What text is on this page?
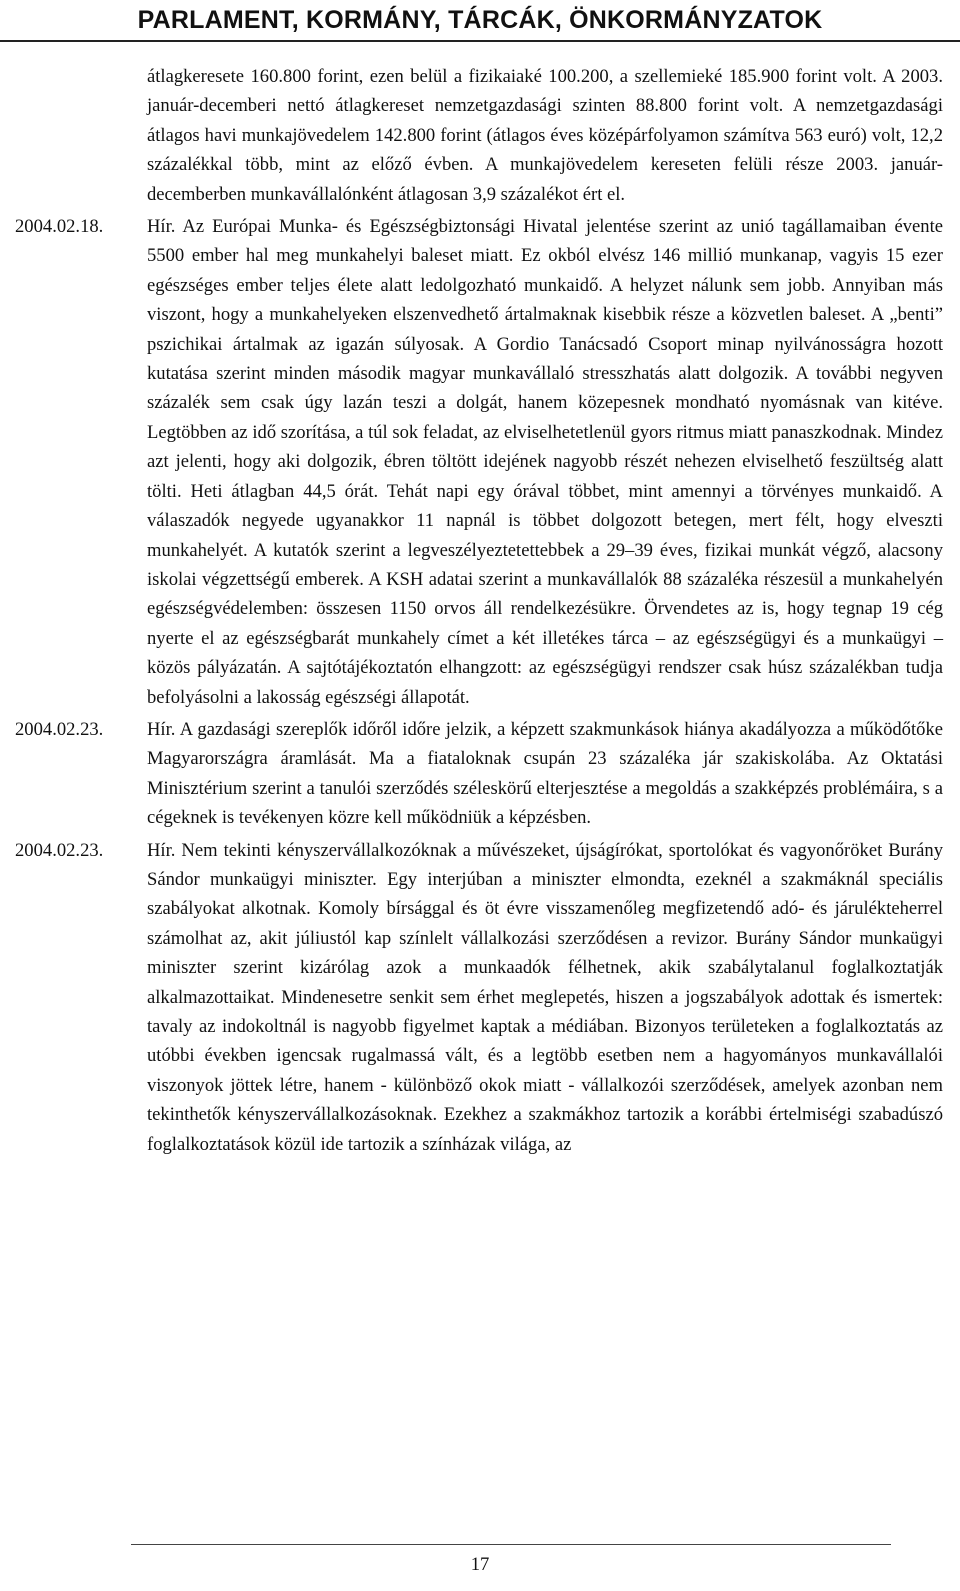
PARLAMENT, KORMÁNY, TÁRCÁK, ÖNKORMÁNYZATOK
átlagkeresete 160.800 forint, ezen belül a fizikaiaké 100.200, a szellemieké 185.900 forint volt. A 2003. január-decemberi nettó átlagkereset nemzetgazdasági szinten 88.800 forint volt. A nemzetgazdasági átlagos havi munkajövedelem 142.800 forint (átlagos éves középárfolyamon számítva 563 euró) volt, 12,2 százalékkal több, mint az előző évben. A munkajövedelem kereseten felüli része 2003. január-decemberben munkavállalónként átlagosan 3,9 százalékot ért el.
2004.02.18.	Hír. Az Európai Munka- és Egészségbiztonsági Hivatal jelentése szerint az unió tagállamaiban évente 5500 ember hal meg munkahelyi baleset miatt. Ez okból elvész 146 millió munkanap, vagyis 15 ezer egészséges ember teljes élete alatt ledolgozható munkaidő. A helyzet nálunk sem jobb. Annyiban más viszont, hogy a munkahelyeken elszenvedhető ártalmaknak kisebbik része a közvetlen baleset. A „benti” pszichikai ártalmak az igazán súlyosak. A Gordio Tanácsadó Csoport minap nyilvánosságra hozott kutatása szerint minden második magyar munkavállaló stresszhatás alatt dolgozik. A további negyven százalék sem csak úgy lazán teszi a dolgát, hanem közepesnek mondható nyomásnak van kitéve. Legtöbben az idő szorítása, a túl sok feladat, az elviselhetetlenül gyors ritmus miatt panaszkodnak. Mindez azt jelenti, hogy aki dolgozik, ébren töltött idejének nagyobb részét nehezen elviselhető feszültség alatt tölti. Heti átlagban 44,5 órát. Tehát napi egy órával többet, mint amennyi a törvényes munkaidő. A válaszadók negyede ugyanakkor 11 napnál is többet dolgozott betegen, mert félt, hogy elveszti munkahelyét. A kutatók szerint a legveszélyeztetettebbek a 29–39 éves, fizikai munkát végző, alacsony iskolai végzettségű emberek. A KSH adatai szerint a munkavállalók 88 százaléka részesül a munkahelyén egészségvédelemben: összesen 1150 orvos áll rendelkezésükre. Örvendetes az is, hogy tegnap 19 cég nyerte el az egészségbarát munkahely címet a két illetékes tárca – az egészségügyi és a munkaügyi – közös pályázatán. A sajtótájékoztatón elhangzott: az egészségügyi rendszer csak húsz százalékban tudja befolyásolni a lakosság egészségi állapotát.
2004.02.23.	Hír. A gazdasági szereplők időről időre jelzik, a képzett szakmunkások hiánya akadályozza a működőtőke Magyarországra áramlását. Ma a fiataloknak csupán 23 százaléka jár szakiskolába. Az Oktatási Minisztérium szerint a tanulói szerződés széleskörű elterjesztése a megoldás a szakképzés problémáira, s a cégeknek is tevékenyen közre kell működniük a képzésben.
2004.02.23.	Hír. Nem tekinti kényszervállalkozóknak a művészeket, újságírókat, sportolókat és vagyonőröket Burány Sándor munkaügyi miniszter. Egy interjúban a miniszter elmondta, ezeknél a szakmáknál speciális szabályokat alkotnak. Komoly bírsággal és öt évre visszamenőleg megfizetendő adó- és járulékteherrel számolhat az, akit júliustól kap színlelt vállalkozási szerződésen a revizor. Burány Sándor munkaügyi miniszter szerint kizárólag azok a munkaadók félhetnek, akik szabálytalanul foglalkoztatják alkalmazottaikat. Mindenesetre senkit sem érhet meglepetés, hiszen a jogszabályok adottak és ismertek: tavaly az indokoltnál is nagyobb figyelmet kaptak a médiában. Bizonyos területeken a foglalkoztatás az utóbbi években igencsak rugalmassá vált, és a legtöbb esetben nem a hagyományos munkavállalói viszonyok jöttek létre, hanem - különböző okok miatt - vállalkozói szerződések, amelyek azonban nem tekinthetők kényszervállalkozásoknak. Ezekhez a szakmákhoz tartozik a korábbi értelmiségi szabadúszó foglalkoztatások közül ide tartozik a színházak világa, az
17
